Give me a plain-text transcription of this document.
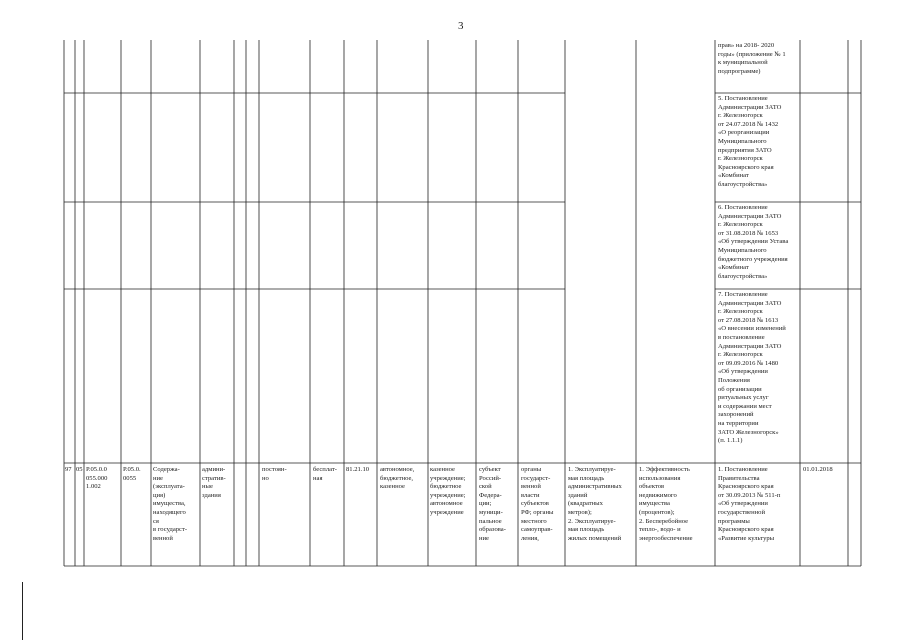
3
прав» на 2018- 2020
годы» (приложение № 1
к муниципальной
подпрограмме)
5. Постановление
Администрации ЗАТО
г. Железногорск
от 24.07.2018 № 1432
«О реорганизации
Муниципального
предприятия ЗАТО
г. Железногорск
Красноярского края
«Комбинат
благоустройства»
6. Постановление
Администрации ЗАТО
г. Железногорск
от 31.08.2018 № 1653
«Об утверждении Устава
Муниципального
бюджетного учреждения
«Комбинат
благоустройства»
7. Постановление
Администрации ЗАТО
г. Железногорск
от 27.08.2018 № 1613
«О внесении изменений
в постановление
Администрации ЗАТО
г. Железногорск
от 09.09.2016 № 1480
«Об утверждении
Положения
об организации
ритуальных услуг
и содержании мест
захоронений
на территории
ЗАТО Железногорск»
(п. 1.1.1)
97 05 Р.05.0.0
055.000
1.002
Р.05.0.
0055
Содержа-
ние
(эксплуата-
ция)
имущества,
находящего
ся
в государст-
венной
админи-
стратив-
ные
здания
постоян-
но
бесплат-
ная
81.21.10	автономное,
бюджетное,
казенное
казенное
учреждение;
бюджетное
учреждение;
автономное
учреждение
субъект
Россий-
ской
Федера-
ции;
муници-
пальное
образова-
ние
органы
государст-
венной
власти
субъектов
РФ; органы
местного
самоуправ-
ления,
1. Эксплуатируе-
мая площадь
административных
зданий
(квадратных
метров);
2. Эксплуатируе-
мая площадь
жилых помещений
1. Эффективность
использования
объектов
недвижимого
имущества
(процентов);
2. Бесперебойное
тепло-, водо- и
энергообеспечение
1. Постановление
Правительства
Красноярского края
от 30.09.2013 № 511-п
«Об утверждении
государственной
программы
Красноярского края
«Развитие культуры
01.01.2018
